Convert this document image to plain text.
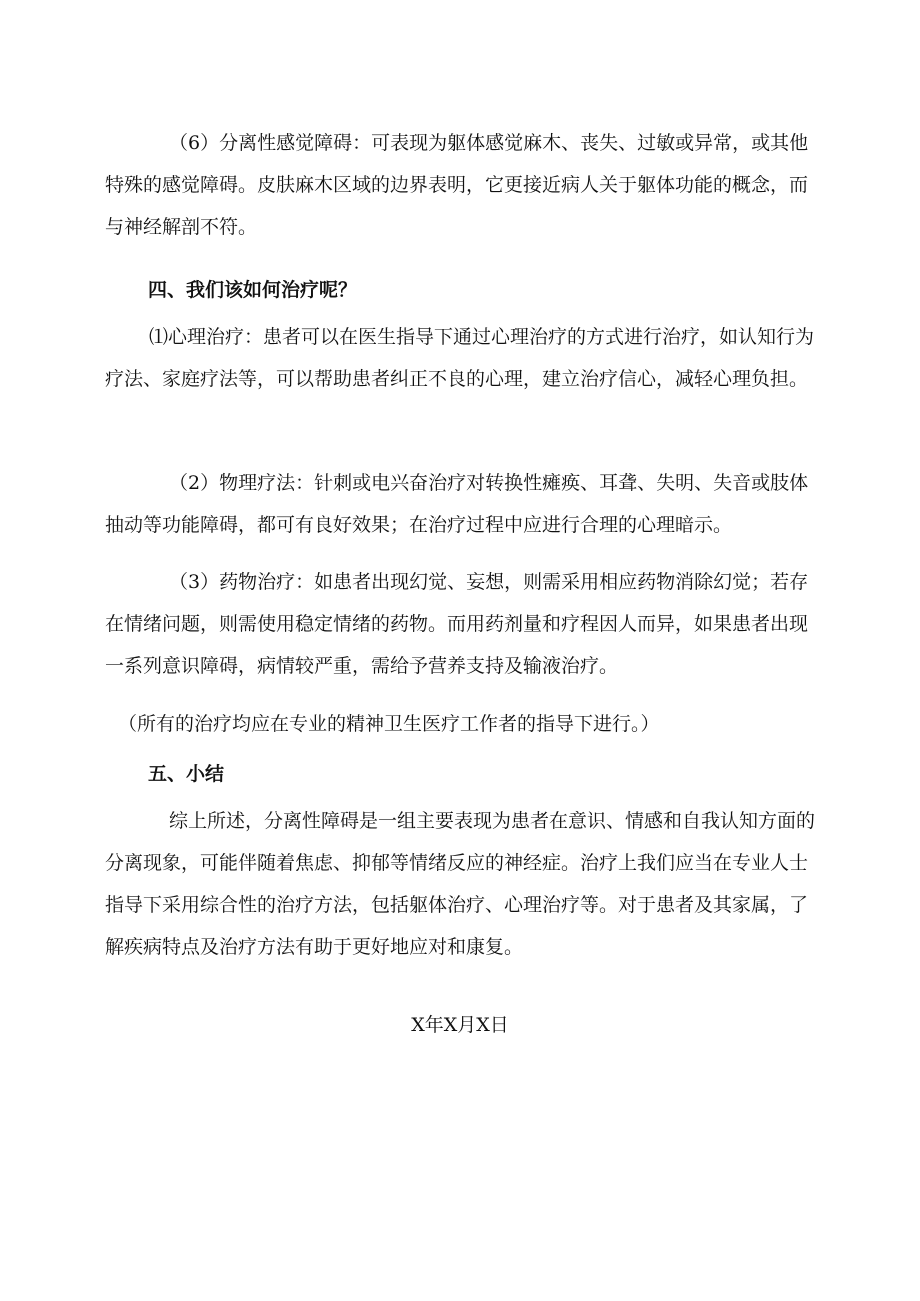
（6）分离性感觉障碍：可表现为躯体感觉麻木、丧失、过敏或异常，或其他特殊的感觉障碍。皮肤麻木区域的边界表明，它更接近病人关于躯体功能的概念，而与神经解剖不符。

四、我们该如何治疗呢？

⑴心理治疗：患者可以在医生指导下通过心理治疗的方式进行治疗，如认知行为疗法、家庭疗法等，可以帮助患者纠正不良的心理，建立治疗信心，减轻心理负担。

（2）物理疗法：针刺或电兴奋治疗对转换性瘫痪、耳聋、失明、失音或肢体抽动等功能障碍，都可有良好效果；在治疗过程中应进行合理的心理暗示。

（3）药物治疗：如患者出现幻觉、妄想，则需采用相应药物消除幻觉；若存在情绪问题，则需使用稳定情绪的药物。而用药剂量和疗程因人而异，如果患者出现一系列意识障碍，病情较严重，需给予营养支持及输液治疗。

（所有的治疗均应在专业的精神卫生医疗工作者的指导下进行。）

五、小结

综上所述，分离性障碍是一组主要表现为患者在意识、情感和自我认知方面的分离现象，可能伴随着焦虑、抑郁等情绪反应的神经症。治疗上我们应当在专业人士指导下采用综合性的治疗方法，包括躯体治疗、心理治疗等。对于患者及其家属，了解疾病特点及治疗方法有助于更好地应对和康复。

X年X月X日
